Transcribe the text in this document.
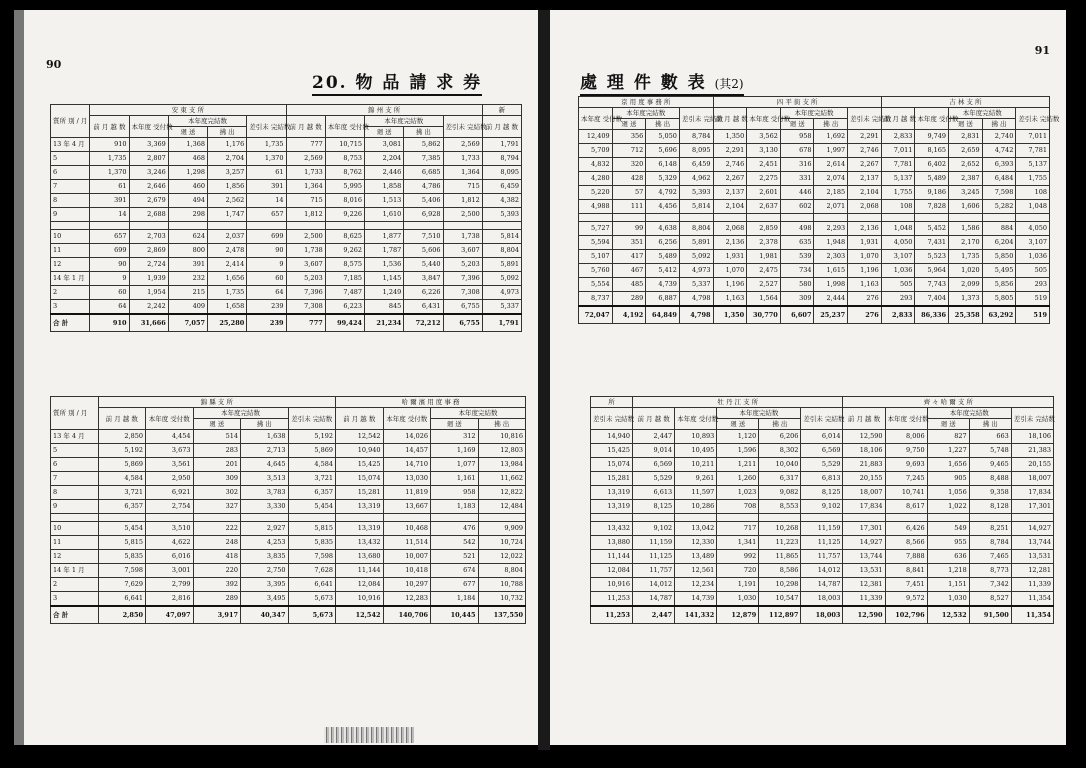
90
20. 物 品 請 求 券
質所 別 / 月	安 東 支 所					錦 州 支 所					新
	前 月 越 数	本年度 受付数	本年度完結数		差引未 完結数	前 月 越 数	本年度 受付数	本年度完結数		差引未 完結数	前 月 越 数
			廻 送	拂 出				廻 送	拂 出		
13 年 4 月	910	3,369	1,368	1,176	1,735	777	10,715	3,081	5,862	2,569	1,791
5	1,735	2,807	468	2,704	1,370	2,569	8,753	2,204	7,385	1,733	8,794
6	1,370	3,246	1,298	3,257	61	1,733	8,762	2,446	6,685	1,364	8,095
7	61	2,646	460	1,856	391	1,364	5,995	1,858	4,786	715	6,459
8	391	2,679	494	2,562	14	715	8,016	1,513	5,406	1,812	4,382
9	14	2,688	298	1,747	657	1,812	9,226	1,610	6,928	2,500	5,393

10	657	2,703	624	2,037	699	2,500	8,625	1,877	7,510	1,738	5,814
11	699	2,869	800	2,478	90	1,738	9,262	1,787	5,606	3,607	8,804
12	90	2,724	391	2,414	9	3,607	8,575	1,536	5,440	5,203	5,891
14 年 1 月	9	1,939	232	1,656	60	5,203	7,185	1,145	3,847	7,396	5,092
2	60	1,954	215	1,735	64	7,396	7,487	1,249	6,226	7,308	4,973
3	64	2,242	409	1,658	239	7,308	6,223	845	6,431	6,755	5,337
合 計	910	31,666	7,057	25,280	239	777	99,424	21,234	72,212	6,755	1,791
質所 別 / 月	錦 縣 支 所					哈 爾 濱 用 度 事 務			
	前 月 越 数	本年度 受付数	本年度完結数		差引未 完結数	前 月 越 数	本年度 受付数	本年度完結数	
			廻 送	拂 出				廻 送	拂 出
13 年 4 月	2,850	4,454	514	1,638	5,192	12,542	14,026	312	10,816
5	5,192	3,673	283	2,713	5,869	10,940	14,457	1,169	12,803
6	5,869	3,561	201	4,645	4,584	15,425	14,710	1,077	13,984
7	4,584	2,950	309	3,513	3,721	15,074	13,030	1,161	11,662
8	3,721	6,921	302	3,783	6,357	15,281	11,819	958	12,822
9	6,357	2,754	327	3,330	5,454	13,319	13,667	1,183	12,484

10	5,454	3,510	222	2,927	5,815	13,319	10,468	476	9,909
11	5,815	4,622	248	4,253	5,835	13,432	11,514	542	10,724
12	5,835	6,016	418	3,835	7,598	13,680	10,007	521	12,022
14 年 1 月	7,598	3,001	220	2,750	7,628	11,144	10,418	674	8,804
2	7,629	2,799	392	3,395	6,641	12,084	10,297	677	10,788
3	6,641	2,816	289	3,495	5,673	10,916	12,283	1,184	10,732
合 計	2,850	47,097	3,917	40,347	5,673	12,542	140,706	10,445	137,550
91
處 理 件 數 表 (其2)
京 用 度 事 務 所				四 平 街 支 所					吉 林 支 所				
本年度 受付数	本年度完結数		差引未 完結数	前 月 越 数	本年度 受付数	本年度完結数		差引未 完結数	前 月 越 数	本年度 受付数	本年度完結数		差引未 完結数
	廻 送	拂 出				廻 送	拂 出				廻 送	拂 出	
12,409	356	5,050	8,784	1,350	3,562	958	1,692	2,291	2,833	9,749	2,831	2,740	7,011
5,709	712	5,696	8,095	2,291	3,130	678	1,997	2,746	7,011	8,165	2,659	4,742	7,781
4,832	320	6,148	6,459	2,746	2,451	316	2,614	2,267	7,781	6,402	2,652	6,393	5,137
4,280	428	5,329	4,962	2,267	2,275	331	2,074	2,137	5,137	5,489	2,387	6,484	1,755
5,220	57	4,792	5,393	2,137	2,601	446	2,185	2,104	1,755	9,186	3,245	7,598	108
4,988	111	4,456	5,814	2,104	2,637	602	2,071	2,068	108	7,828	1,606	5,282	1,048

5,727	99	4,638	8,804	2,068	2,859	498	2,293	2,136	1,048	5,452	1,586	884	4,050
5,594	351	6,256	5,891	2,136	2,378	635	1,948	1,931	4,050	7,431	2,170	6,204	3,107
5,107	417	5,489	5,092	1,931	1,981	539	2,303	1,070	3,107	5,523	1,735	5,850	1,036
5,760	467	5,412	4,973	1,070	2,475	734	1,615	1,196	1,036	5,964	1,020	5,495	505
5,554	485	4,739	5,337	1,196	2,527	580	1,998	1,163	505	7,743	2,099	5,856	293
8,737	289	6,887	4,798	1,163	1,564	309	2,444	276	293	7,404	1,373	5,805	519
72,047	4,192	64,849	4,798	1,350	30,770	6,607	25,237	276	2,833	86,336	25,358	63,292	519
所	牡 丹 江 支 所					齊 々 哈 爾 支 所				
差引未 完結数	前 月 越 数	本年度 受付数	本年度完結数		差引未 完結数	前 月 越 数	本年度 受付数	本年度完結数		差引未 完結数
			廻 送	拂 出				廻 送	拂 出	
14,940	2,447	10,893	1,120	6,206	6,014	12,590	8,006	827	663	18,106
15,425	9,014	10,495	1,596	8,302	6,569	18,106	9,750	1,227	5,748	21,383
15,074	6,569	10,211	1,211	10,040	5,529	21,883	9,693	1,656	9,465	20,155
15,281	5,529	9,261	1,260	6,317	6,813	20,155	7,245	905	8,488	18,007
13,319	6,613	11,597	1,023	9,082	8,125	18,007	10,741	1,056	9,358	17,834
13,319	8,125	10,286	708	8,553	9,102	17,834	8,617	1,022	8,128	17,301

13,432	9,102	13,042	717	10,268	11,159	17,301	6,426	549	8,251	14,927
13,880	11,159	12,330	1,341	11,223	11,125	14,927	8,566	955	8,784	13,744
11,144	11,125	13,489	992	11,865	11,757	13,744	7,888	636	7,465	13,531
12,084	11,757	12,561	720	8,586	14,012	13,531	8,841	1,218	8,773	12,281
10,916	14,012	12,234	1,191	10,298	14,787	12,381	7,451	1,151	7,342	11,339
11,253	14,787	14,739	1,030	10,547	18,003	11,339	9,572	1,030	8,527	11,354
11,253	2,447	141,332	12,879	112,897	18,003	12,590	102,796	12,532	91,500	11,354
